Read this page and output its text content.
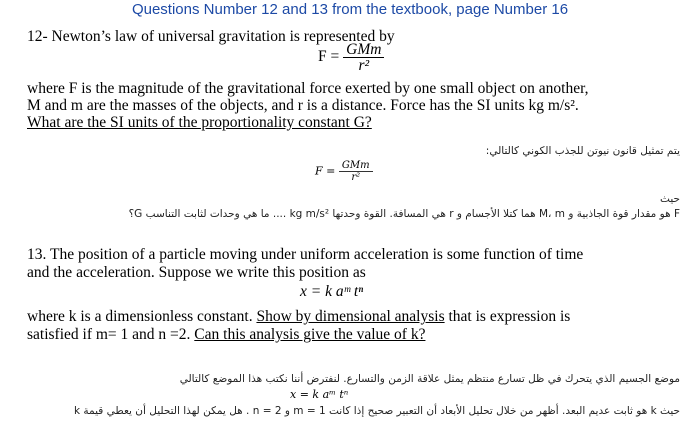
Questions Number 12 and 13 from the textbook, page Number 16
12- Newton’s law of universal gravitation is represented by
$F = \frac{\text{GMm}}{\text{r²}}$
where F is the magnitude of the gravitational force exerted by one small object on another,
M and m are the masses of the objects, and r is a distance. Force has the SI units kg m/s².
What are the SI units of the proportionality constant G?
يتم تمثيل قانون نيوتن للجذب الكوني كالتالي:
$F = \frac{\text{GMm}}{\text{r²}}$
حيث
F هو مقدار قوة الجاذبية و M، m هما كتلا الأجسام و r هي المسافة. القوة وحدتها kg m/s² .... ما هي وحدات لثابت التناسب G؟
13. The position of a particle moving under uniform acceleration is some function of time
and the acceleration. Suppose we write this position as
x = k aᵐ tⁿ
where k is a dimensionless constant. Show by dimensional analysis that is expression is
satisfied if m= 1 and n =2. Can this analysis give the value of k?
موضع الجسيم الذي يتحرك في ظل تسارع منتظم يمثل علاقة الزمن والتسارع. لنفترض أننا نكتب هذا الموضع كالتالي
x = k aᵐ tⁿ
حيث k هو ثابت عديم البعد. أظهر من خلال تحليل الأبعاد أن التعبير صحيح إذا كانت m = 1 و n = 2 . هل يمكن لهذا التحليل أن يعطي قيمة k
